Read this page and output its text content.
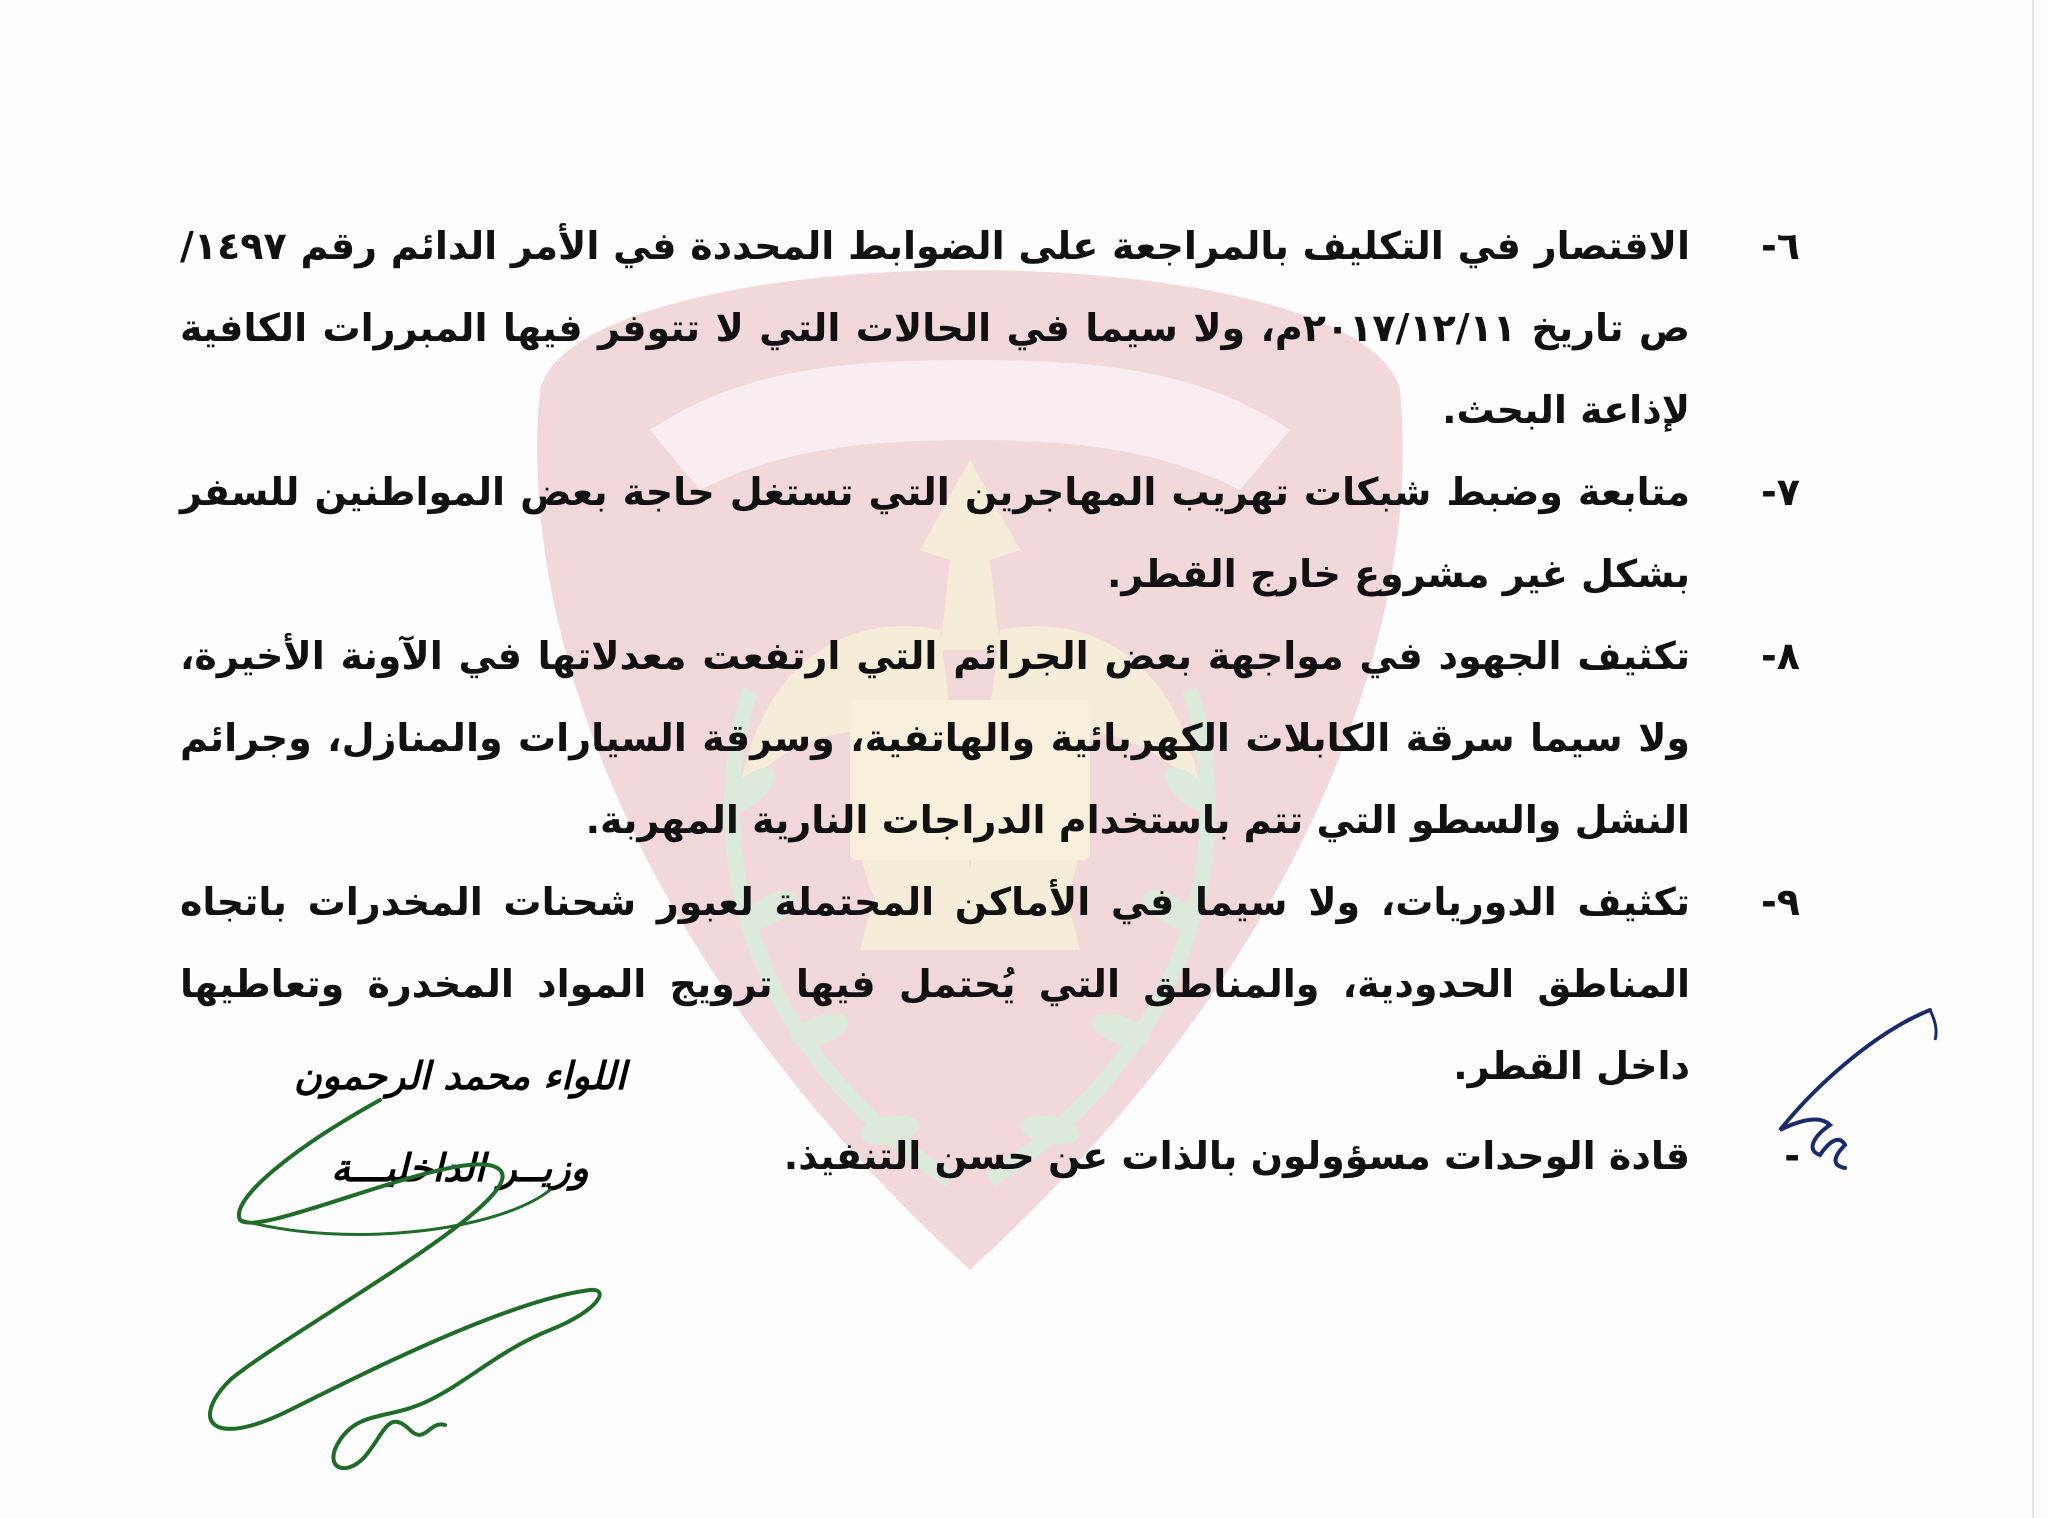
٦-
الاقتصار في التكليف بالمراجعة على الضوابط المحددة في الأمر الدائم رقم ١٤٩٧/ص تاريخ ٢٠١٧/١٢/١١م، ولا سيما في الحالات التي لا تتوفر فيها المبررات الكافية لإذاعة البحث.
٧-
متابعة وضبط شبكات تهريب المهاجرين التي تستغل حاجة بعض المواطنين للسفر بشكل غير مشروع خارج القطر.
٨-
تكثيف الجهود في مواجهة بعض الجرائم التي ارتفعت معدلاتها في الآونة الأخيرة، ولا سيما سرقة الكابلات الكهربائية والهاتفية، وسرقة السيارات والمنازل، وجرائم النشل والسطو التي تتم باستخدام الدراجات النارية المهربة.
٩-
تكثيف الدوريات، ولا سيما في الأماكن المحتملة لعبور شحنات المخدرات باتجاه المناطق الحدودية، والمناطق التي يُحتمل فيها ترويج المواد المخدرة وتعاطيها داخل القطر.
-
قادة الوحدات مسؤولون بالذات عن حسن التنفيذ.
اللواء محمد الرحمون
وزيــر الداخليـــة
